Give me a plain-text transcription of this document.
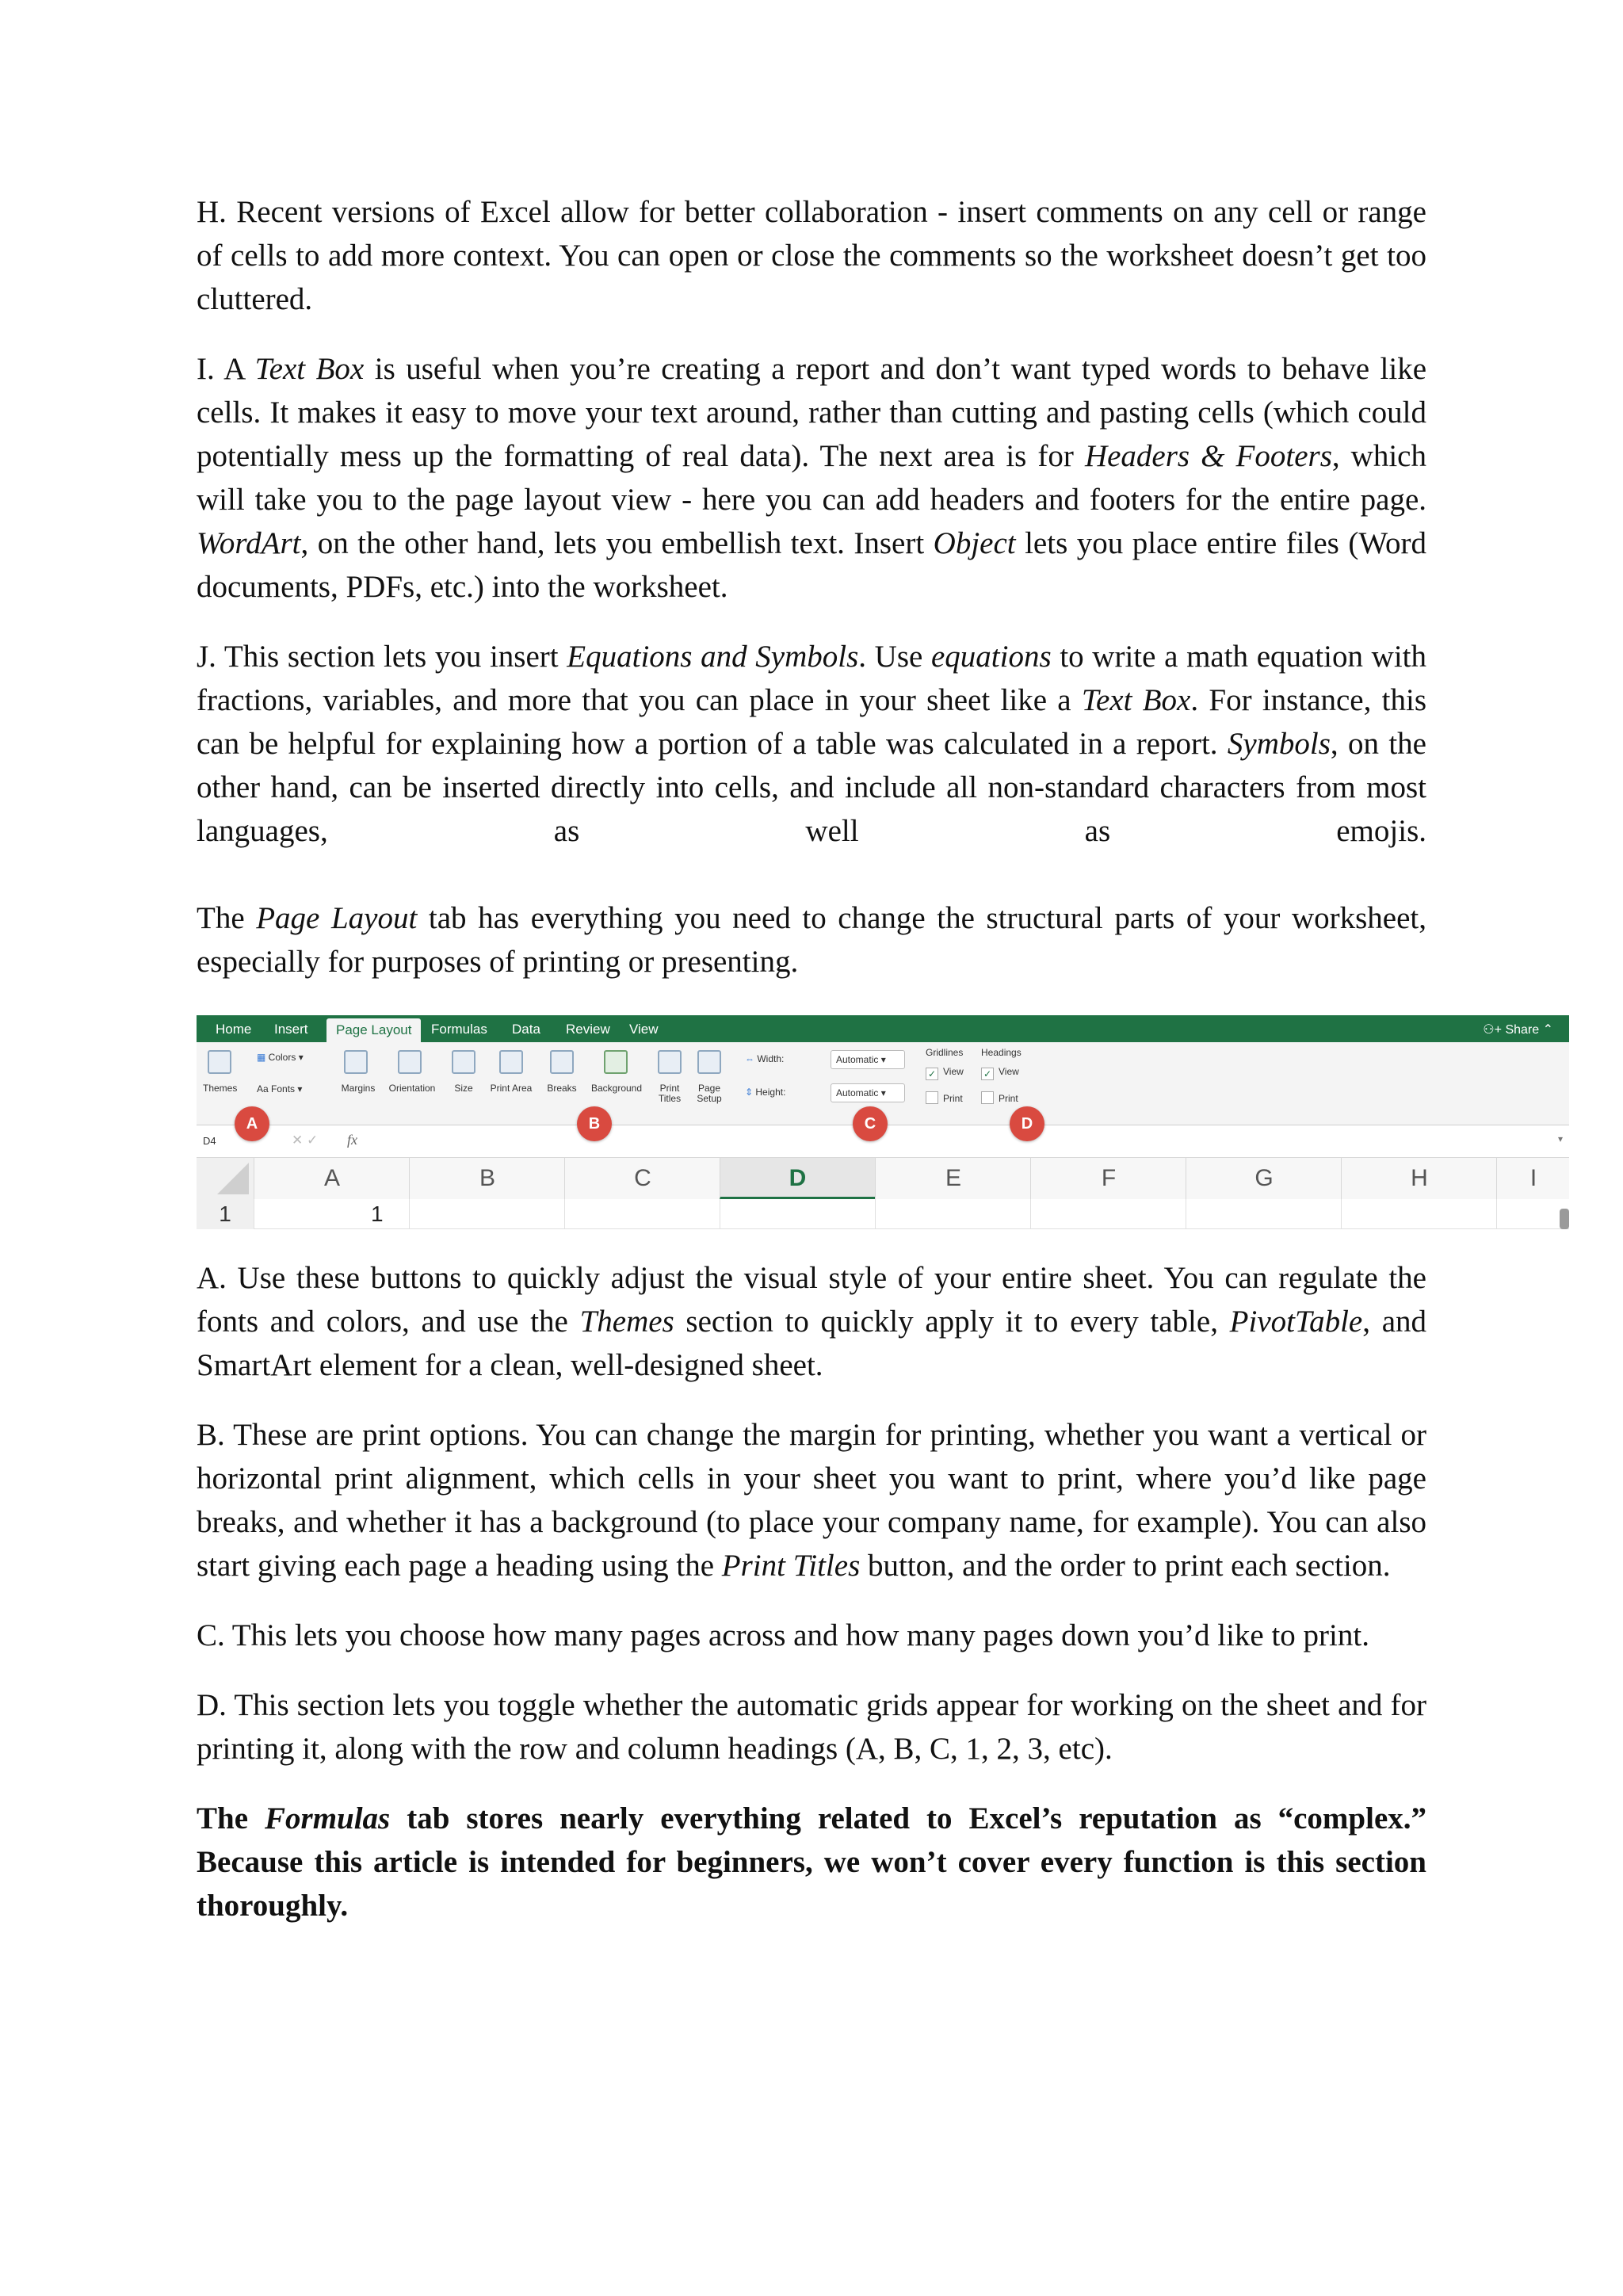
H. Recent versions of Excel allow for better collaboration - insert comments on any cell or range of cells to add more context. You can open or close the comments so the worksheet doesn’t get too cluttered.

I. A Text Box is useful when you’re creating a report and don’t want typed words to behave like cells. It makes it easy to move your text around, rather than cutting and pasting cells (which could potentially mess up the formatting of real data). The next area is for Headers & Footers, which will take you to the page layout view - here you can add headers and footers for the entire page. WordArt, on the other hand, lets you embellish text. Insert Object lets you place entire files (Word documents, PDFs, etc.) into the worksheet.

J. This section lets you insert Equations and Symbols. Use equations to write a math equation with fractions, variables, and more that you can place in your sheet like a Text Box. For instance, this can be helpful for explaining how a portion of a table was calculated in a report. Symbols, on the other hand, can be inserted directly into cells, and include all non-standard characters from most languages, as well as emojis.

The Page Layout tab has everything you need to change the structural parts of your worksheet, especially for purposes of printing or presenting.

Home Insert	Page Layout	Formulas Data Review View	⚇+ Share ⌃
Themes
▦ Colors ▾
Aa Fonts ▾	Margins	Orientation	Size	Print Area	Breaks	Background	Print Titles
Page Setup
⇔ Width:	Automatic ▾
⇕ Height:	Automatic ▾
Gridlines Headings
✓ View ✓ View
Print	Print
D4	✕ ✓ fx	▾
A	B	C	D
A	B	C	D	E	F	G	H	I
1	1

A. Use these buttons to quickly adjust the visual style of your entire sheet. You can regulate the fonts and colors, and use the Themes section to quickly apply it to every table, PivotTable, and SmartArt element for a clean, well-designed sheet.

B. These are print options. You can change the margin for printing, whether you want a vertical or horizontal print alignment, which cells in your sheet you want to print, where you’d like page breaks, and whether it has a background (to place your company name, for example). You can also start giving each page a heading using the Print Titles button, and the order to print each section.

C. This lets you choose how many pages across and how many pages down you’d like to print.

D. This section lets you toggle whether the automatic grids appear for working on the sheet and for printing it, along with the row and column headings (A, B, C, 1, 2, 3, etc).

The Formulas tab stores nearly everything related to Excel’s reputation as “complex.” Because this article is intended for beginners, we won’t cover every function is this section thoroughly.
